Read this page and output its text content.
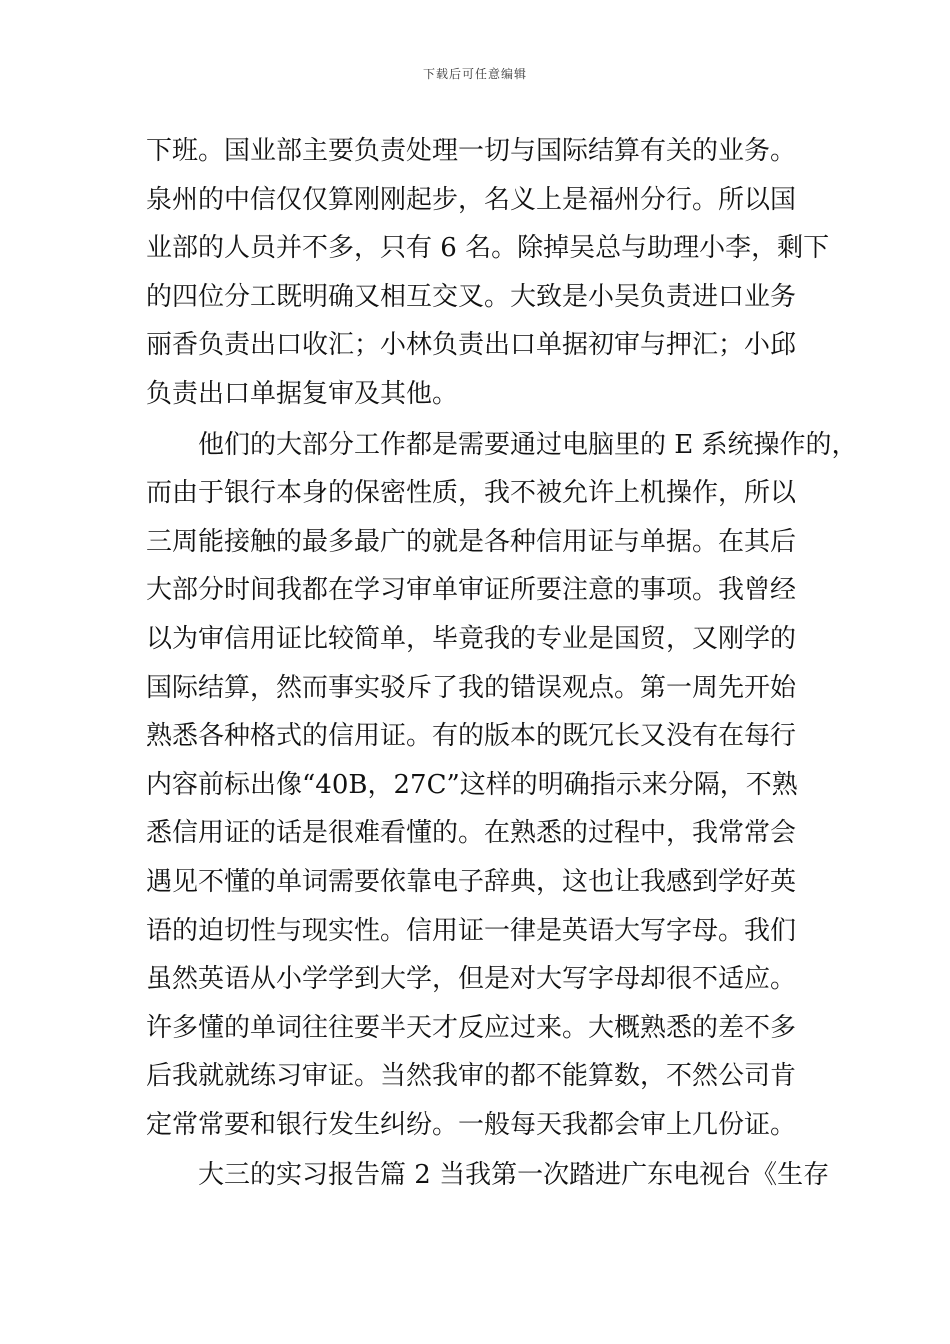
下载后可任意编辑
下班。国业部主要负责处理一切与国际结算有关的业务。
泉州的中信仅仅算刚刚起步，名义上是福州分行。所以国
业部的人员并不多，只有 6 名。除掉吴总与助理小李，剩下
的四位分工既明确又相互交叉。大致是小吴负责进口业务
丽香负责出口收汇；小林负责出口单据初审与押汇；小邱
负责出口单据复审及其他。
他们的大部分工作都是需要通过电脑里的 E 系统操作的，
而由于银行本身的保密性质，我不被允许上机操作，所以
三周能接触的最多最广的就是各种信用证与单据。在其后
大部分时间我都在学习审单审证所要注意的事项。我曾经
以为审信用证比较简单，毕竟我的专业是国贸，又刚学的
国际结算，然而事实驳斥了我的错误观点。第一周先开始
熟悉各种格式的信用证。有的版本的既冗长又没有在每行
内容前标出像“40B，27C”这样的明确指示来分隔，不熟
悉信用证的话是很难看懂的。在熟悉的过程中，我常常会
遇见不懂的单词需要依靠电子辞典，这也让我感到学好英
语的迫切性与现实性。信用证一律是英语大写字母。我们
虽然英语从小学学到大学，但是对大写字母却很不适应。
许多懂的单词往往要半天才反应过来。大概熟悉的差不多
后我就就练习审证。当然我审的都不能算数，不然公司肯
定常常要和银行发生纠纷。一般每天我都会审上几份证。
大三的实习报告篇 2 当我第一次踏进广东电视台《生存
